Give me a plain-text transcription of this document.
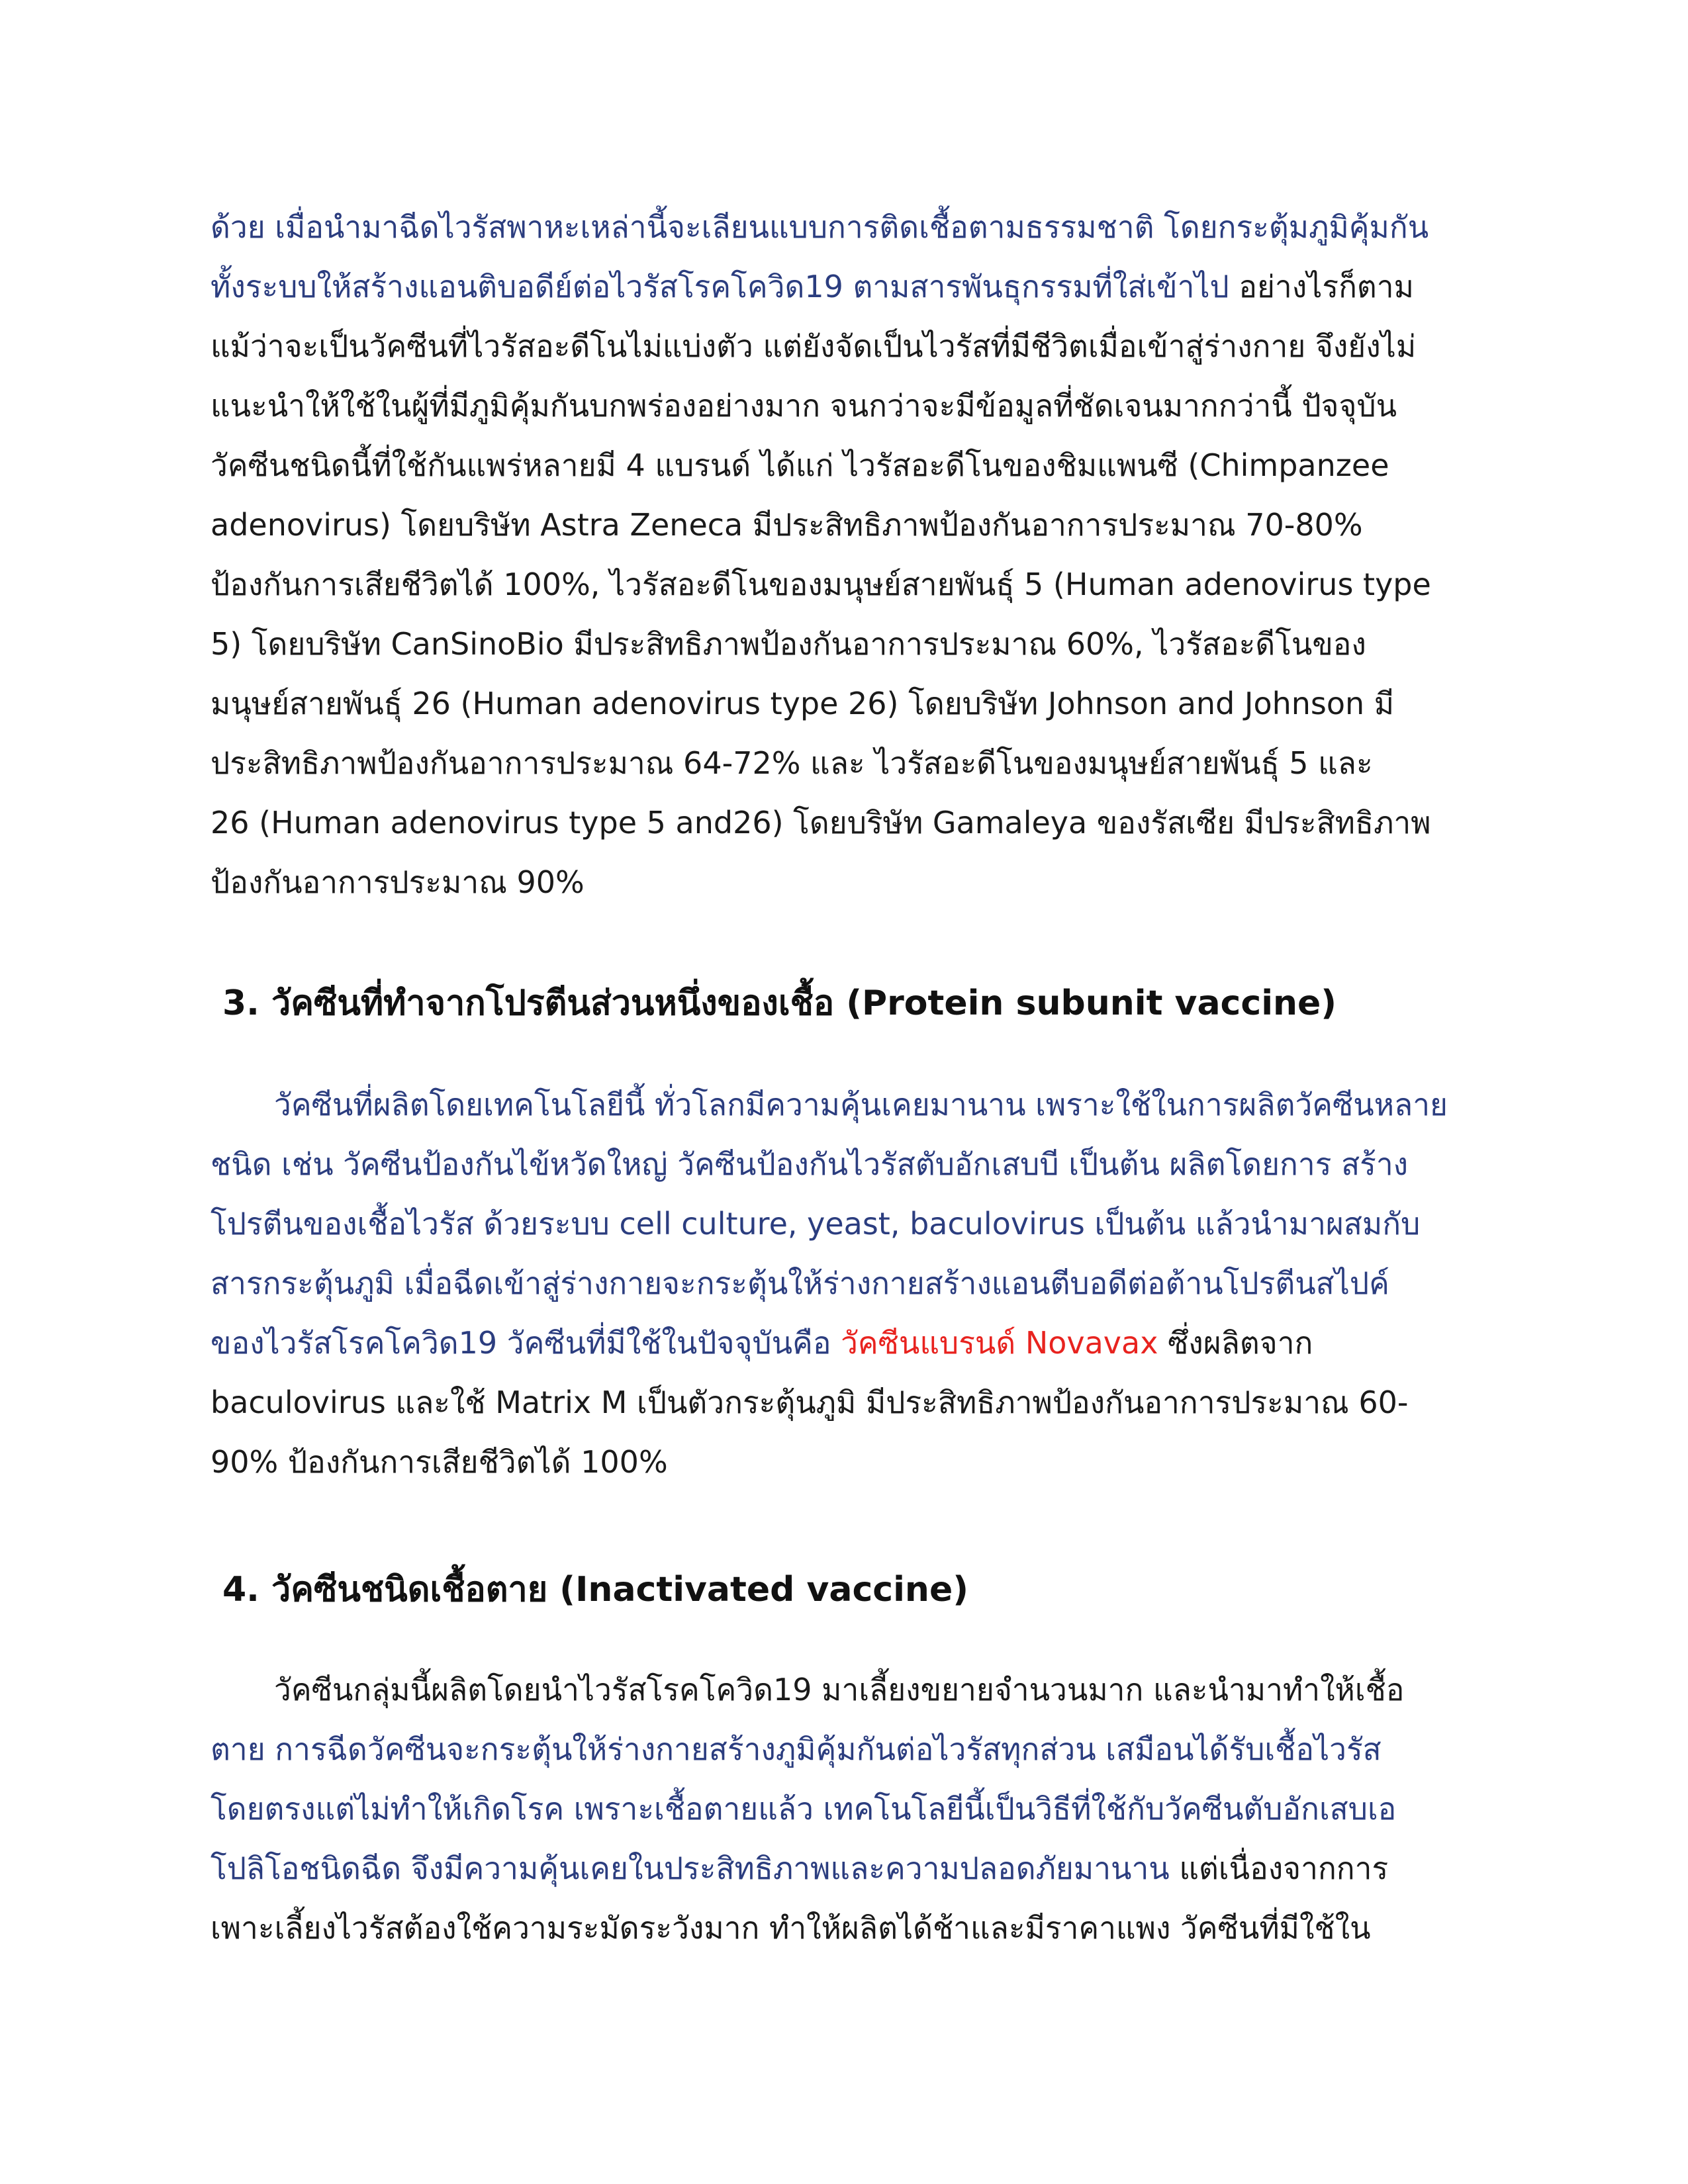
ด้วย เมื่อนำมาฉีดไวรัสพาหะเหล่านี้จะเลียนแบบการติดเชื้อตามธรรมชาติ โดยกระตุ้มภูมิคุ้มกัน
ทั้งระบบให้สร้างแอนติบอดีย์ต่อไวรัสโรคโควิด19 ตามสารพันธุกรรมที่ใส่เข้าไป อย่างไรก็ตาม
แม้ว่าจะเป็นวัคซีนที่ไวรัสอะดีโนไม่แบ่งตัว แต่ยังจัดเป็นไวรัสที่มีชีวิตเมื่อเข้าสู่ร่างกาย จึงยังไม่
แนะนำให้ใช้ในผู้ที่มีภูมิคุ้มกันบกพร่องอย่างมาก จนกว่าจะมีข้อมูลที่ชัดเจนมากกว่านี้ ปัจจุบัน
วัคซีนชนิดนี้ที่ใช้กันแพร่หลายมี 4 แบรนด์ ได้แก่ ไวรัสอะดีโนของชิมแพนซี (Chimpanzee
adenovirus) โดยบริษัท Astra Zeneca มีประสิทธิภาพป้องกันอาการประมาณ 70-80%
ป้องกันการเสียชีวิตได้ 100%, ไวรัสอะดีโนของมนุษย์สายพันธุ์ 5 (Human adenovirus type
5) โดยบริษัท CanSinoBio มีประสิทธิภาพป้องกันอาการประมาณ 60%, ไวรัสอะดีโนของ
มนุษย์สายพันธุ์ 26 (Human adenovirus type 26) โดยบริษัท Johnson and Johnson มี
ประสิทธิภาพป้องกันอาการประมาณ 64-72% และ ไวรัสอะดีโนของมนุษย์สายพันธุ์ 5 และ
26 (Human adenovirus type 5 and26) โดยบริษัท Gamaleya ของรัสเซีย มีประสิทธิภาพ
ป้องกันอาการประมาณ 90%
3. วัคซีนที่ทำจากโปรตีนส่วนหนึ่งของเชื้อ (Protein subunit vaccine)
วัคซีนที่ผลิตโดยเทคโนโลยีนี้ ทั่วโลกมีความคุ้นเคยมานาน เพราะใช้ในการผลิตวัคซีนหลาย
ชนิด เช่น วัคซีนป้องกันไข้หวัดใหญ่ วัคซีนป้องกันไวรัสตับอักเสบบี เป็นต้น ผลิตโดยการ สร้าง
โปรตีนของเชื้อไวรัส ด้วยระบบ cell culture, yeast, baculovirus เป็นต้น แล้วนำมาผสมกับ
สารกระตุ้นภูมิ เมื่อฉีดเข้าสู่ร่างกายจะกระตุ้นให้ร่างกายสร้างแอนตีบอดีต่อต้านโปรตีนสไปค์
ของไวรัสโรคโควิด19 วัคซีนที่มีใช้ในปัจจุบันคือ วัคซีนแบรนด์ Novavax ซึ่งผลิตจาก
baculovirus และใช้ Matrix M เป็นตัวกระตุ้นภูมิ มีประสิทธิภาพป้องกันอาการประมาณ 60-
90% ป้องกันการเสียชีวิตได้ 100%
4. วัคซีนชนิดเชื้อตาย (Inactivated vaccine)
วัคซีนกลุ่มนี้ผลิตโดยนำไวรัสโรคโควิด19 มาเลี้ยงขยายจำนวนมาก และนำมาทำให้เชื้อ
ตาย การฉีดวัคซีนจะกระตุ้นให้ร่างกายสร้างภูมิคุ้มกันต่อไวรัสทุกส่วน เสมือนได้รับเชื้อไวรัส
โดยตรงแต่ไม่ทำให้เกิดโรค เพราะเชื้อตายแล้ว เทคโนโลยีนี้เป็นวิธีที่ใช้กับวัคซีนตับอักเสบเอ
โปลิโอชนิดฉีด จึงมีความคุ้นเคยในประสิทธิภาพและความปลอดภัยมานาน แต่เนื่องจากการ
เพาะเลี้ยงไวรัสต้องใช้ความระมัดระวังมาก ทำให้ผลิตได้ช้าและมีราคาแพง วัคซีนที่มีใช้ใน
